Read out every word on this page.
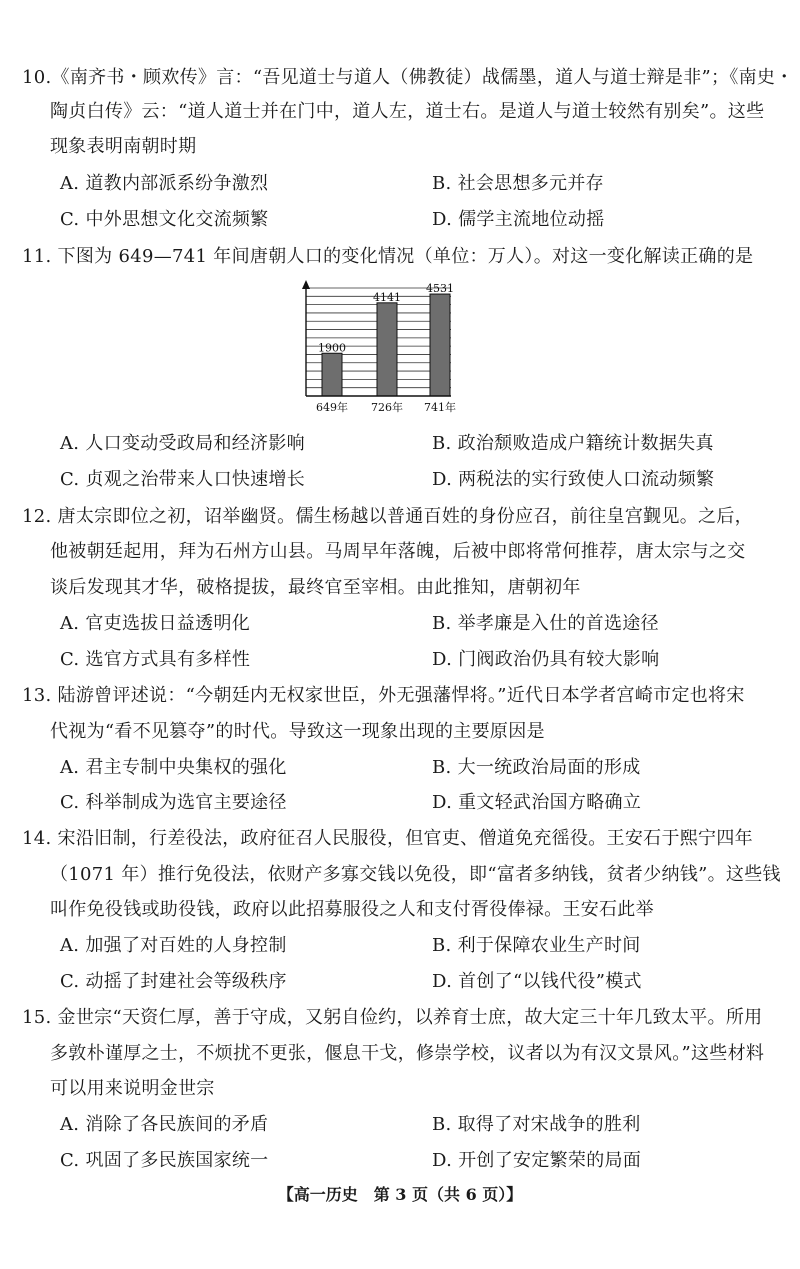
10.《南齐书・顾欢传》言：“吾见道士与道人（佛教徒）战儒墨，道人与道士辩是非”；《南史・
陶贞白传》云：“道人道士并在门中，道人左，道士右。是道人与道士较然有别矣”。这些
现象表明南朝时期
A. 道教内部派系纷争激烈	B. 社会思想多元并存
C. 中外思想文化交流频繁	D. 儒学主流地位动摇
11. 下图为 649—741 年间唐朝人口的变化情况（单位：万人）。对这一变化解读正确的是
1900
4141
4531
649年 726年 741年
A. 人口变动受政局和经济影响	B. 政治颓败造成户籍统计数据失真
C. 贞观之治带来人口快速增长	D. 两税法的实行致使人口流动频繁
12. 唐太宗即位之初，诏举幽贤。儒生杨越以普通百姓的身份应召，前往皇宫觐见。之后，
他被朝廷起用，拜为石州方山县。马周早年落魄，后被中郎将常何推荐，唐太宗与之交
谈后发现其才华，破格提拔，最终官至宰相。由此推知，唐朝初年
A. 官吏选拔日益透明化	B. 举孝廉是入仕的首选途径
C. 选官方式具有多样性	D. 门阀政治仍具有较大影响
13. 陆游曾评述说：“今朝廷内无权家世臣，外无强藩悍将。”近代日本学者宫崎市定也将宋
代视为“看不见篡夺”的时代。导致这一现象出现的主要原因是
A. 君主专制中央集权的强化	B. 大一统政治局面的形成
C. 科举制成为选官主要途径	D. 重文轻武治国方略确立
14. 宋沿旧制，行差役法，政府征召人民服役，但官吏、僧道免充徭役。王安石于熙宁四年
（1071 年）推行免役法，依财产多寡交钱以免役，即“富者多纳钱，贫者少纳钱”。这些钱
叫作免役钱或助役钱，政府以此招募服役之人和支付胥役俸禄。王安石此举
A. 加强了对百姓的人身控制	B. 利于保障农业生产时间
C. 动摇了封建社会等级秩序	D. 首创了“以钱代役”模式
15. 金世宗“天资仁厚，善于守成，又躬自俭约，以养育士庶，故大定三十年几致太平。所用
多敦朴谨厚之士，不烦扰不更张，偃息干戈，修崇学校，议者以为有汉文景风。”这些材料
可以用来说明金世宗
A. 消除了各民族间的矛盾	B. 取得了对宋战争的胜利
C. 巩固了多民族国家统一	D. 开创了安定繁荣的局面
【高一历史　第 3 页（共 6 页）】
